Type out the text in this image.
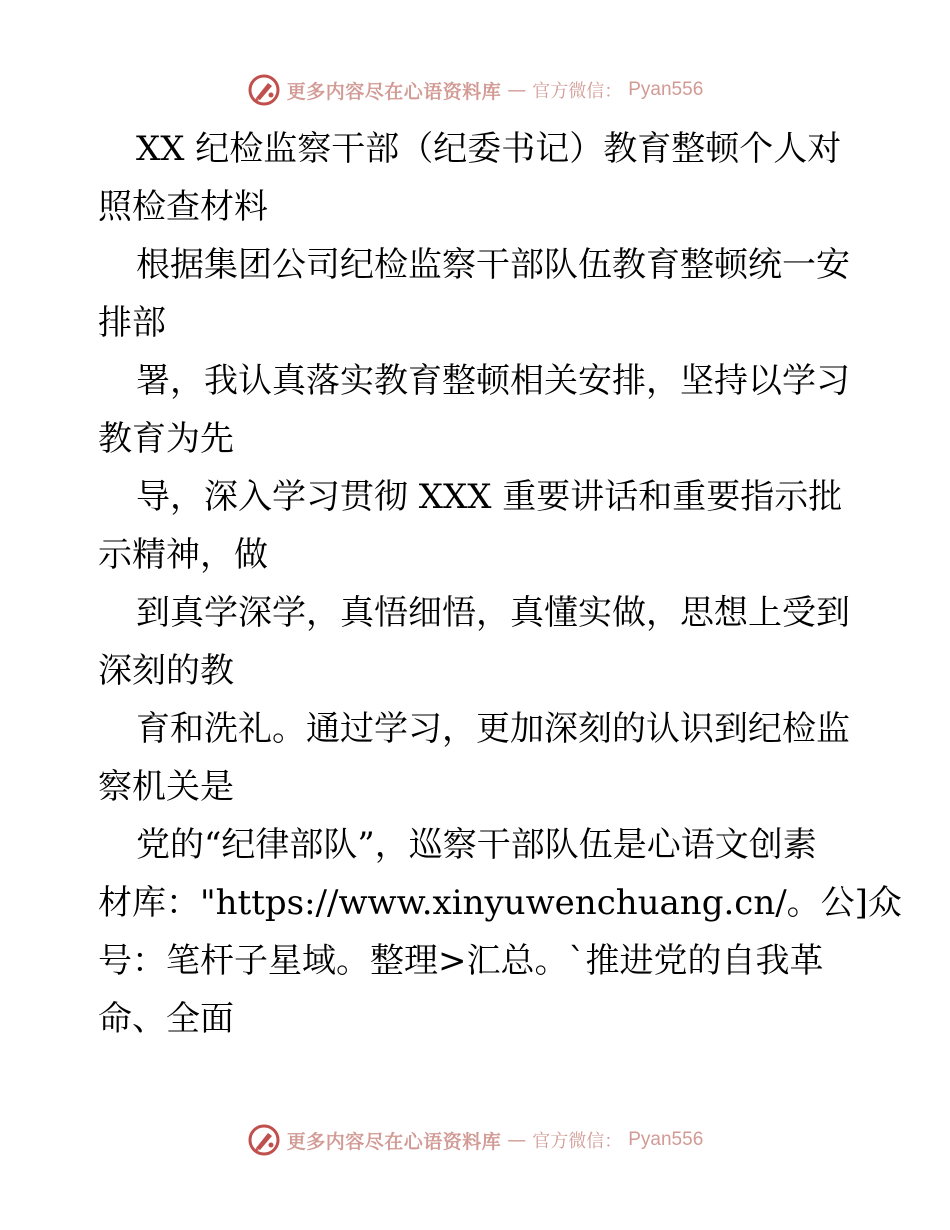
更多内容尽在心语资料库 — 官方微信： Pyan556
XX 纪检监察干部（纪委书记）教育整顿个人对
照检查材料
根据集团公司纪检监察干部队伍教育整顿统一安
排部
署，我认真落实教育整顿相关安排，坚持以学习
教育为先
导，深入学习贯彻 XXX 重要讲话和重要指示批
示精神，做
到真学深学，真悟细悟，真懂实做，思想上受到
深刻的教
育和洗礼。通过学习，更加深刻的认识到纪检监
察机关是
党的“纪律部队”，巡察干部队伍是心语文创素
材库："https://www.xinyuwenchuang.cn/。公]众
号：笔杆子星域。整理>汇总。`推进党的自我革
命、全面
更多内容尽在心语资料库 — 官方微信： Pyan556
